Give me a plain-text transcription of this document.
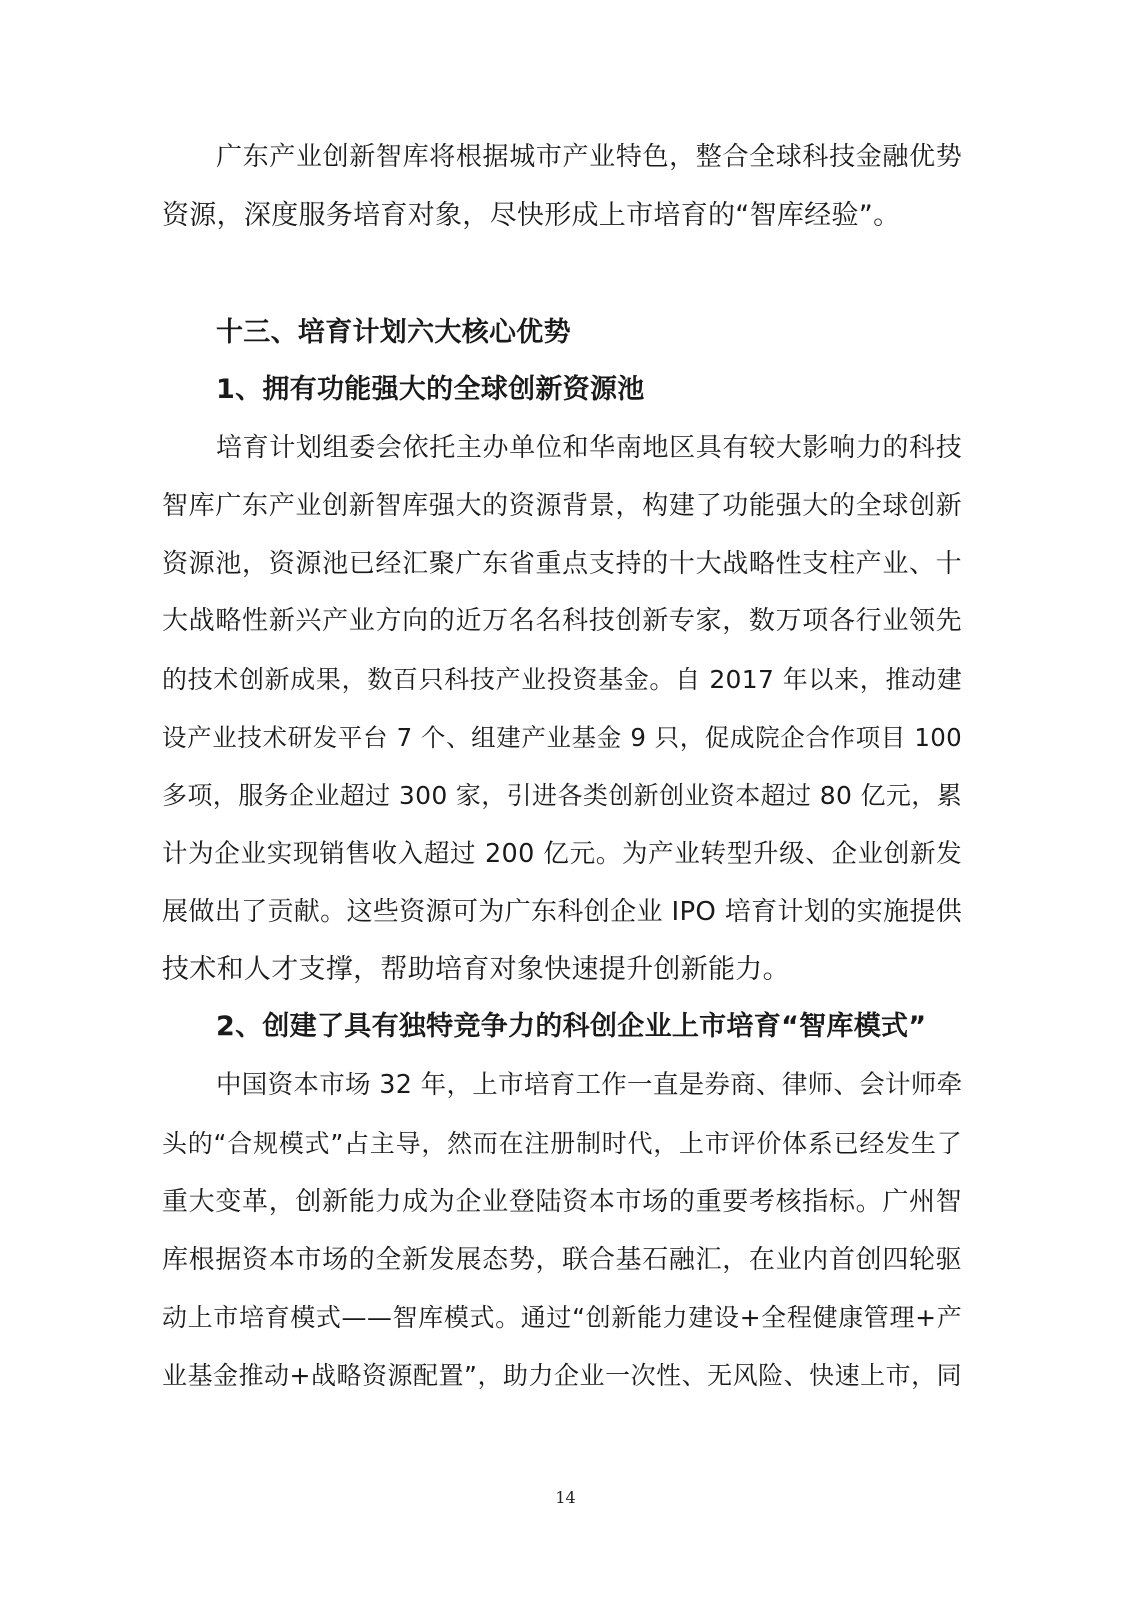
广东产业创新智库将根据城市产业特色，整合全球科技金融优势
资源，深度服务培育对象，尽快形成上市培育的“智库经验”。
十三、培育计划六大核心优势
1、拥有功能强大的全球创新资源池
培育计划组委会依托主办单位和华南地区具有较大影响力的科技
智库广东产业创新智库强大的资源背景，构建了功能强大的全球创新
资源池，资源池已经汇聚广东省重点支持的十大战略性支柱产业、十
大战略性新兴产业方向的近万名名科技创新专家，数万项各行业领先
的技术创新成果，数百只科技产业投资基金。自 2017 年以来，推动建
设产业技术研发平台 7 个、组建产业基金 9 只，促成院企合作项目 100
多项，服务企业超过 300 家，引进各类创新创业资本超过 80 亿元，累
计为企业实现销售收入超过 200 亿元。为产业转型升级、企业创新发
展做出了贡献。这些资源可为广东科创企业 IPO 培育计划的实施提供
技术和人才支撑，帮助培育对象快速提升创新能力。
2、创建了具有独特竞争力的科创企业上市培育“智库模式”
中国资本市场 32 年，上市培育工作一直是券商、律师、会计师牵
头的“合规模式”占主导，然而在注册制时代，上市评价体系已经发生了
重大变革，创新能力成为企业登陆资本市场的重要考核指标。广州智
库根据资本市场的全新发展态势，联合基石融汇，在业内首创四轮驱
动上市培育模式——智库模式。通过“创新能力建设+全程健康管理+产
业基金推动+战略资源配置”，助力企业一次性、无风险、快速上市，同
14
